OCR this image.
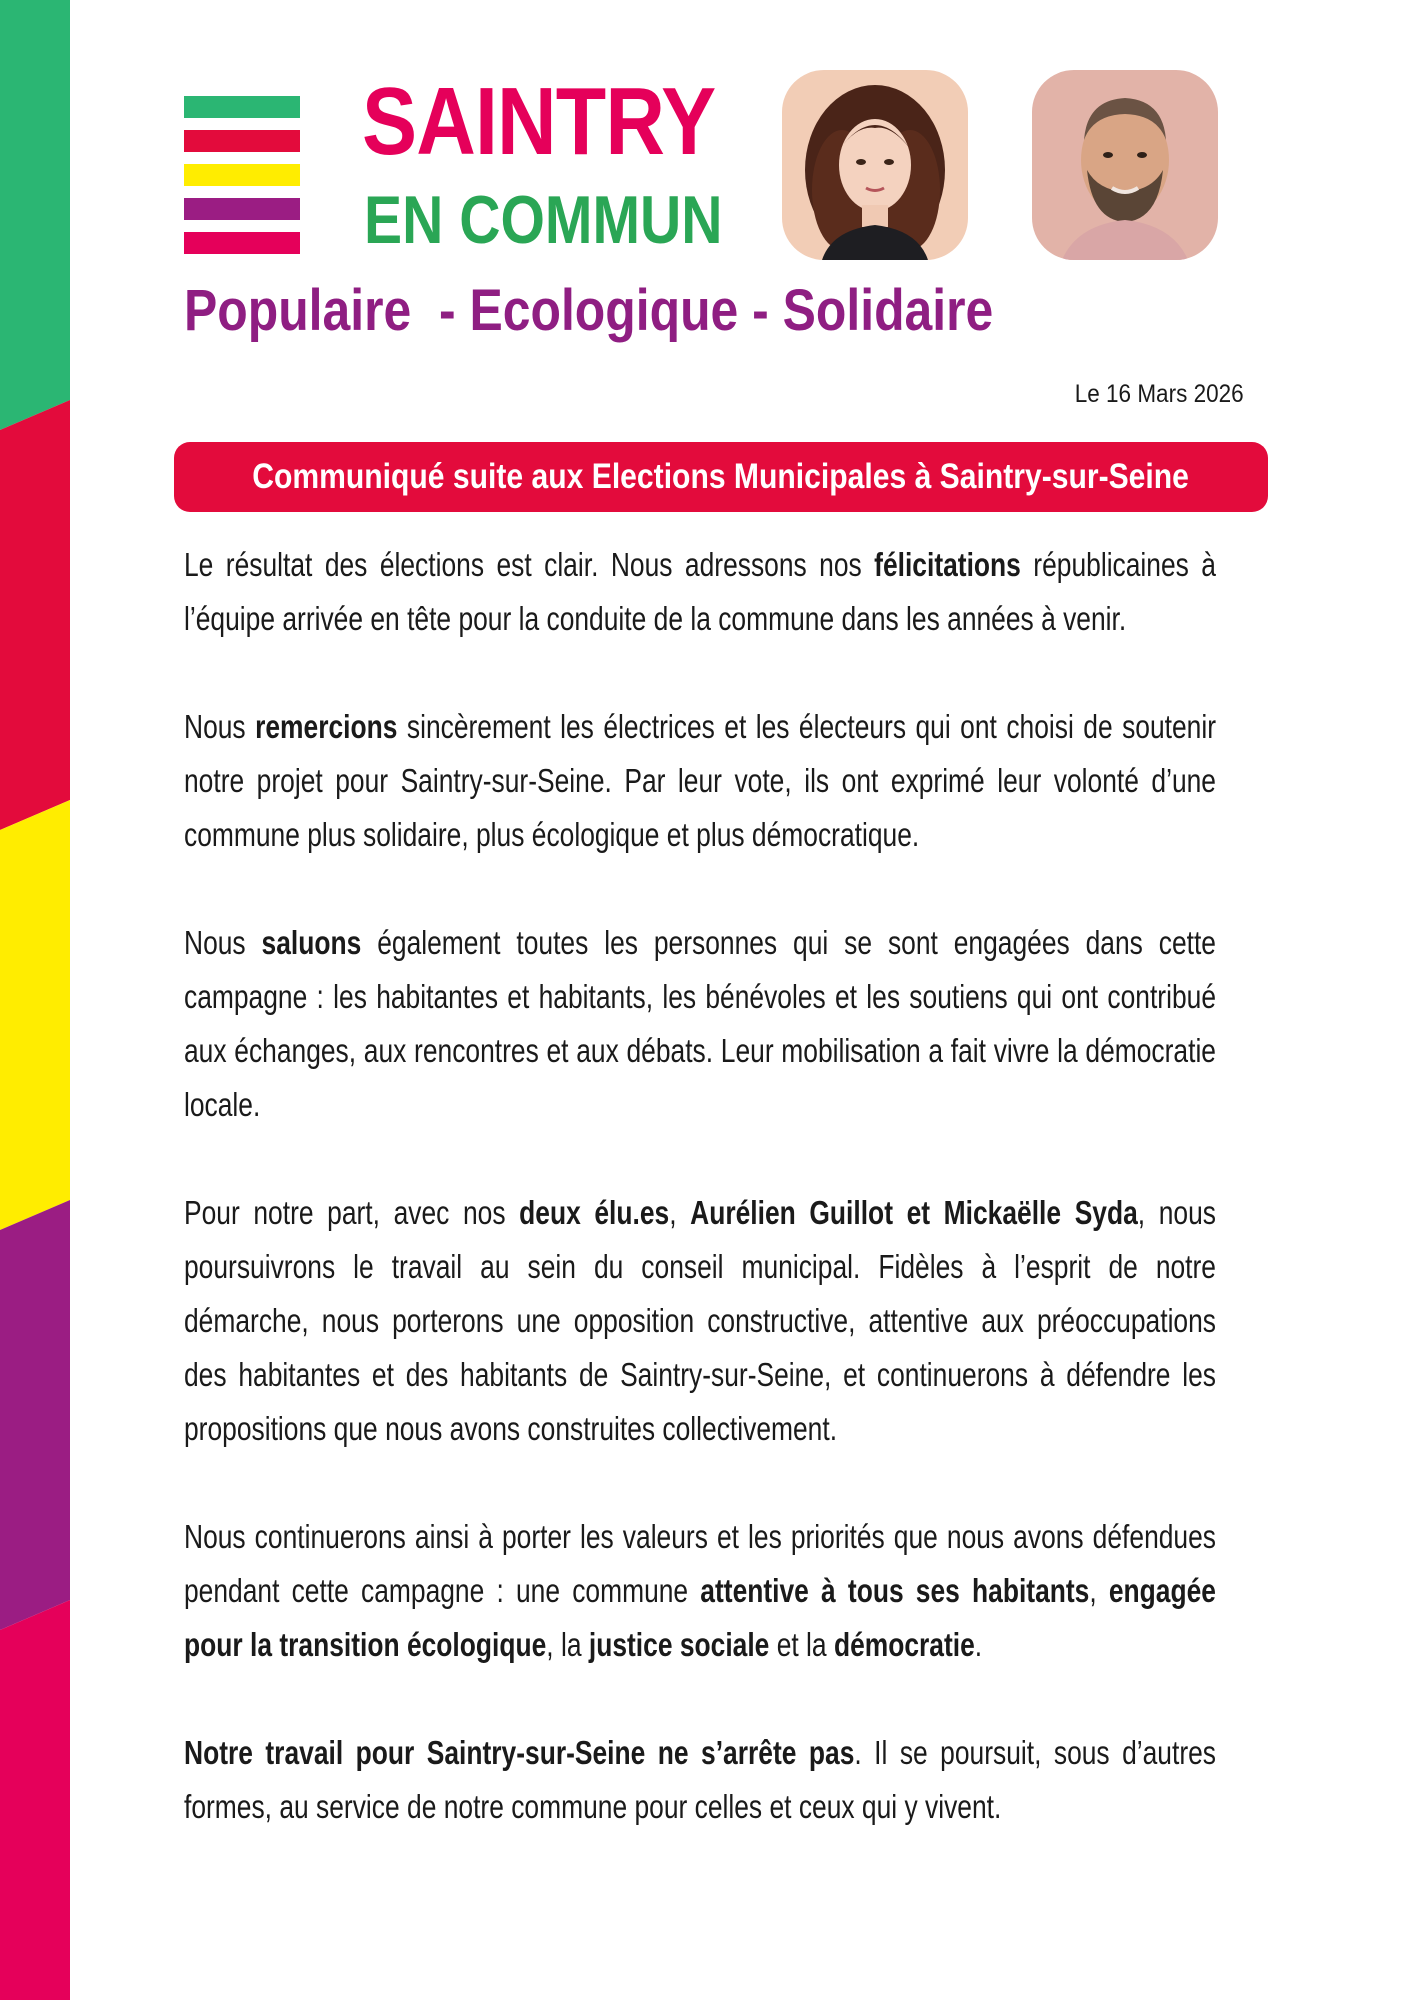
SAINTRY
EN COMMUN
Populaire  - Ecologique - Solidaire
Le 16 Mars 2026
Communiqué suite aux Elections Municipales à Saintry-sur-Seine

Le résultat des élections est clair. Nous adressons nos félicitations républicaines à l’équipe arrivée en tête pour la conduite de la commune dans les années à venir.

Nous remercions sincèrement les électrices et les électeurs qui ont choisi de soutenir notre projet pour Saintry-sur-Seine. Par leur vote, ils ont exprimé leur volonté d’une commune plus solidaire, plus écologique et plus démocratique.

Nous saluons également toutes les personnes qui se sont engagées dans cette campagne : les habitantes et habitants, les bénévoles et les soutiens qui ont contribué aux échanges, aux rencontres et aux débats. Leur mobilisation a fait vivre la démocratie locale.

Pour notre part, avec nos deux élu.es, Aurélien Guillot et Mickaëlle Syda, nous poursuivrons le travail au sein du conseil municipal. Fidèles à l’esprit de notre démarche, nous porterons une opposition constructive, attentive aux préoccupations des habitantes et des habitants de Saintry-sur-Seine, et continuerons à défendre les propositions que nous avons construites collectivement.

Nous continuerons ainsi à porter les valeurs et les priorités que nous avons défendues pendant cette campagne : une commune attentive à tous ses habitants, engagée pour la transition écologique, la justice sociale et la démocratie.

Notre travail pour Saintry-sur-Seine ne s’arrête pas. Il se poursuit, sous d’autres formes, au service de notre commune pour celles et ceux qui y vivent.
